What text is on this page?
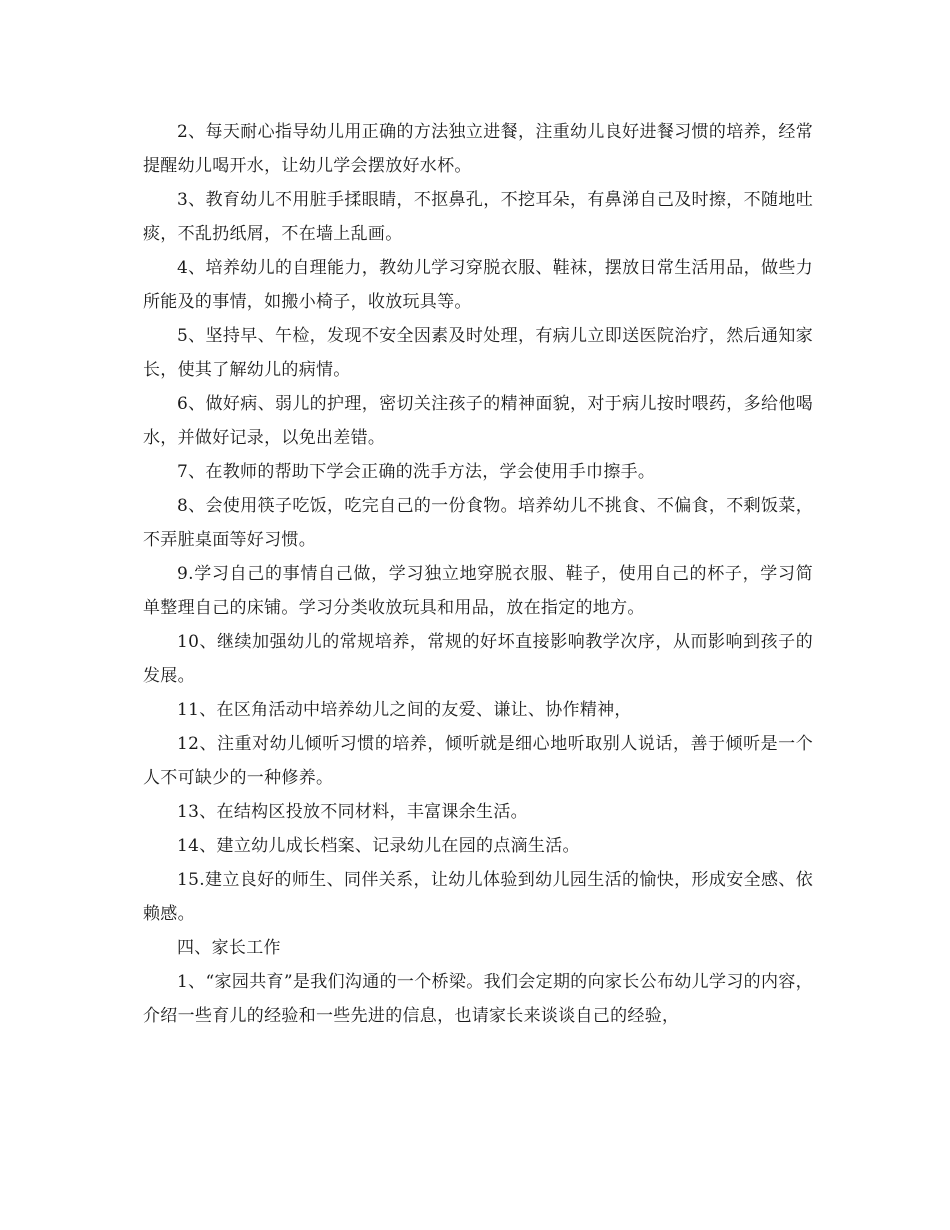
2、每天耐心指导幼儿用正确的方法独立进餐，注重幼儿良好进餐习惯的培养，经常提醒幼儿喝开水，让幼儿学会摆放好水杯。

3、教育幼儿不用脏手揉眼睛，不抠鼻孔，不挖耳朵，有鼻涕自己及时擦，不随地吐痰，不乱扔纸屑，不在墙上乱画。

4、培养幼儿的自理能力，教幼儿学习穿脱衣服、鞋袜，摆放日常生活用品，做些力所能及的事情，如搬小椅子，收放玩具等。

5、坚持早、午检，发现不安全因素及时处理，有病儿立即送医院治疗，然后通知家长，使其了解幼儿的病情。

6、做好病、弱儿的护理，密切关注孩子的精神面貌，对于病儿按时喂药，多给他喝水，并做好记录，以免出差错。

7、在教师的帮助下学会正确的洗手方法，学会使用手巾擦手。

8、会使用筷子吃饭，吃完自己的一份食物。培养幼儿不挑食、不偏食，不剩饭菜，不弄脏桌面等好习惯。

9.学习自己的事情自己做，学习独立地穿脱衣服、鞋子，使用自己的杯子，学习简单整理自己的床铺。学习分类收放玩具和用品，放在指定的地方。

10、继续加强幼儿的常规培养，常规的好坏直接影响教学次序，从而影响到孩子的发展。

11、在区角活动中培养幼儿之间的友爱、谦让、协作精神，

12、注重对幼儿倾听习惯的培养，倾听就是细心地听取别人说话，善于倾听是一个人不可缺少的一种修养。

13、在结构区投放不同材料，丰富课余生活。

14、建立幼儿成长档案、记录幼儿在园的点滴生活。

15.建立良好的师生、同伴关系，让幼儿体验到幼儿园生活的愉快，形成安全感、依赖感。

四、家长工作

1、“家园共育”是我们沟通的一个桥梁。我们会定期的向家长公布幼儿学习的内容，介绍一些育儿的经验和一些先进的信息，也请家长来谈谈自己的经验，
